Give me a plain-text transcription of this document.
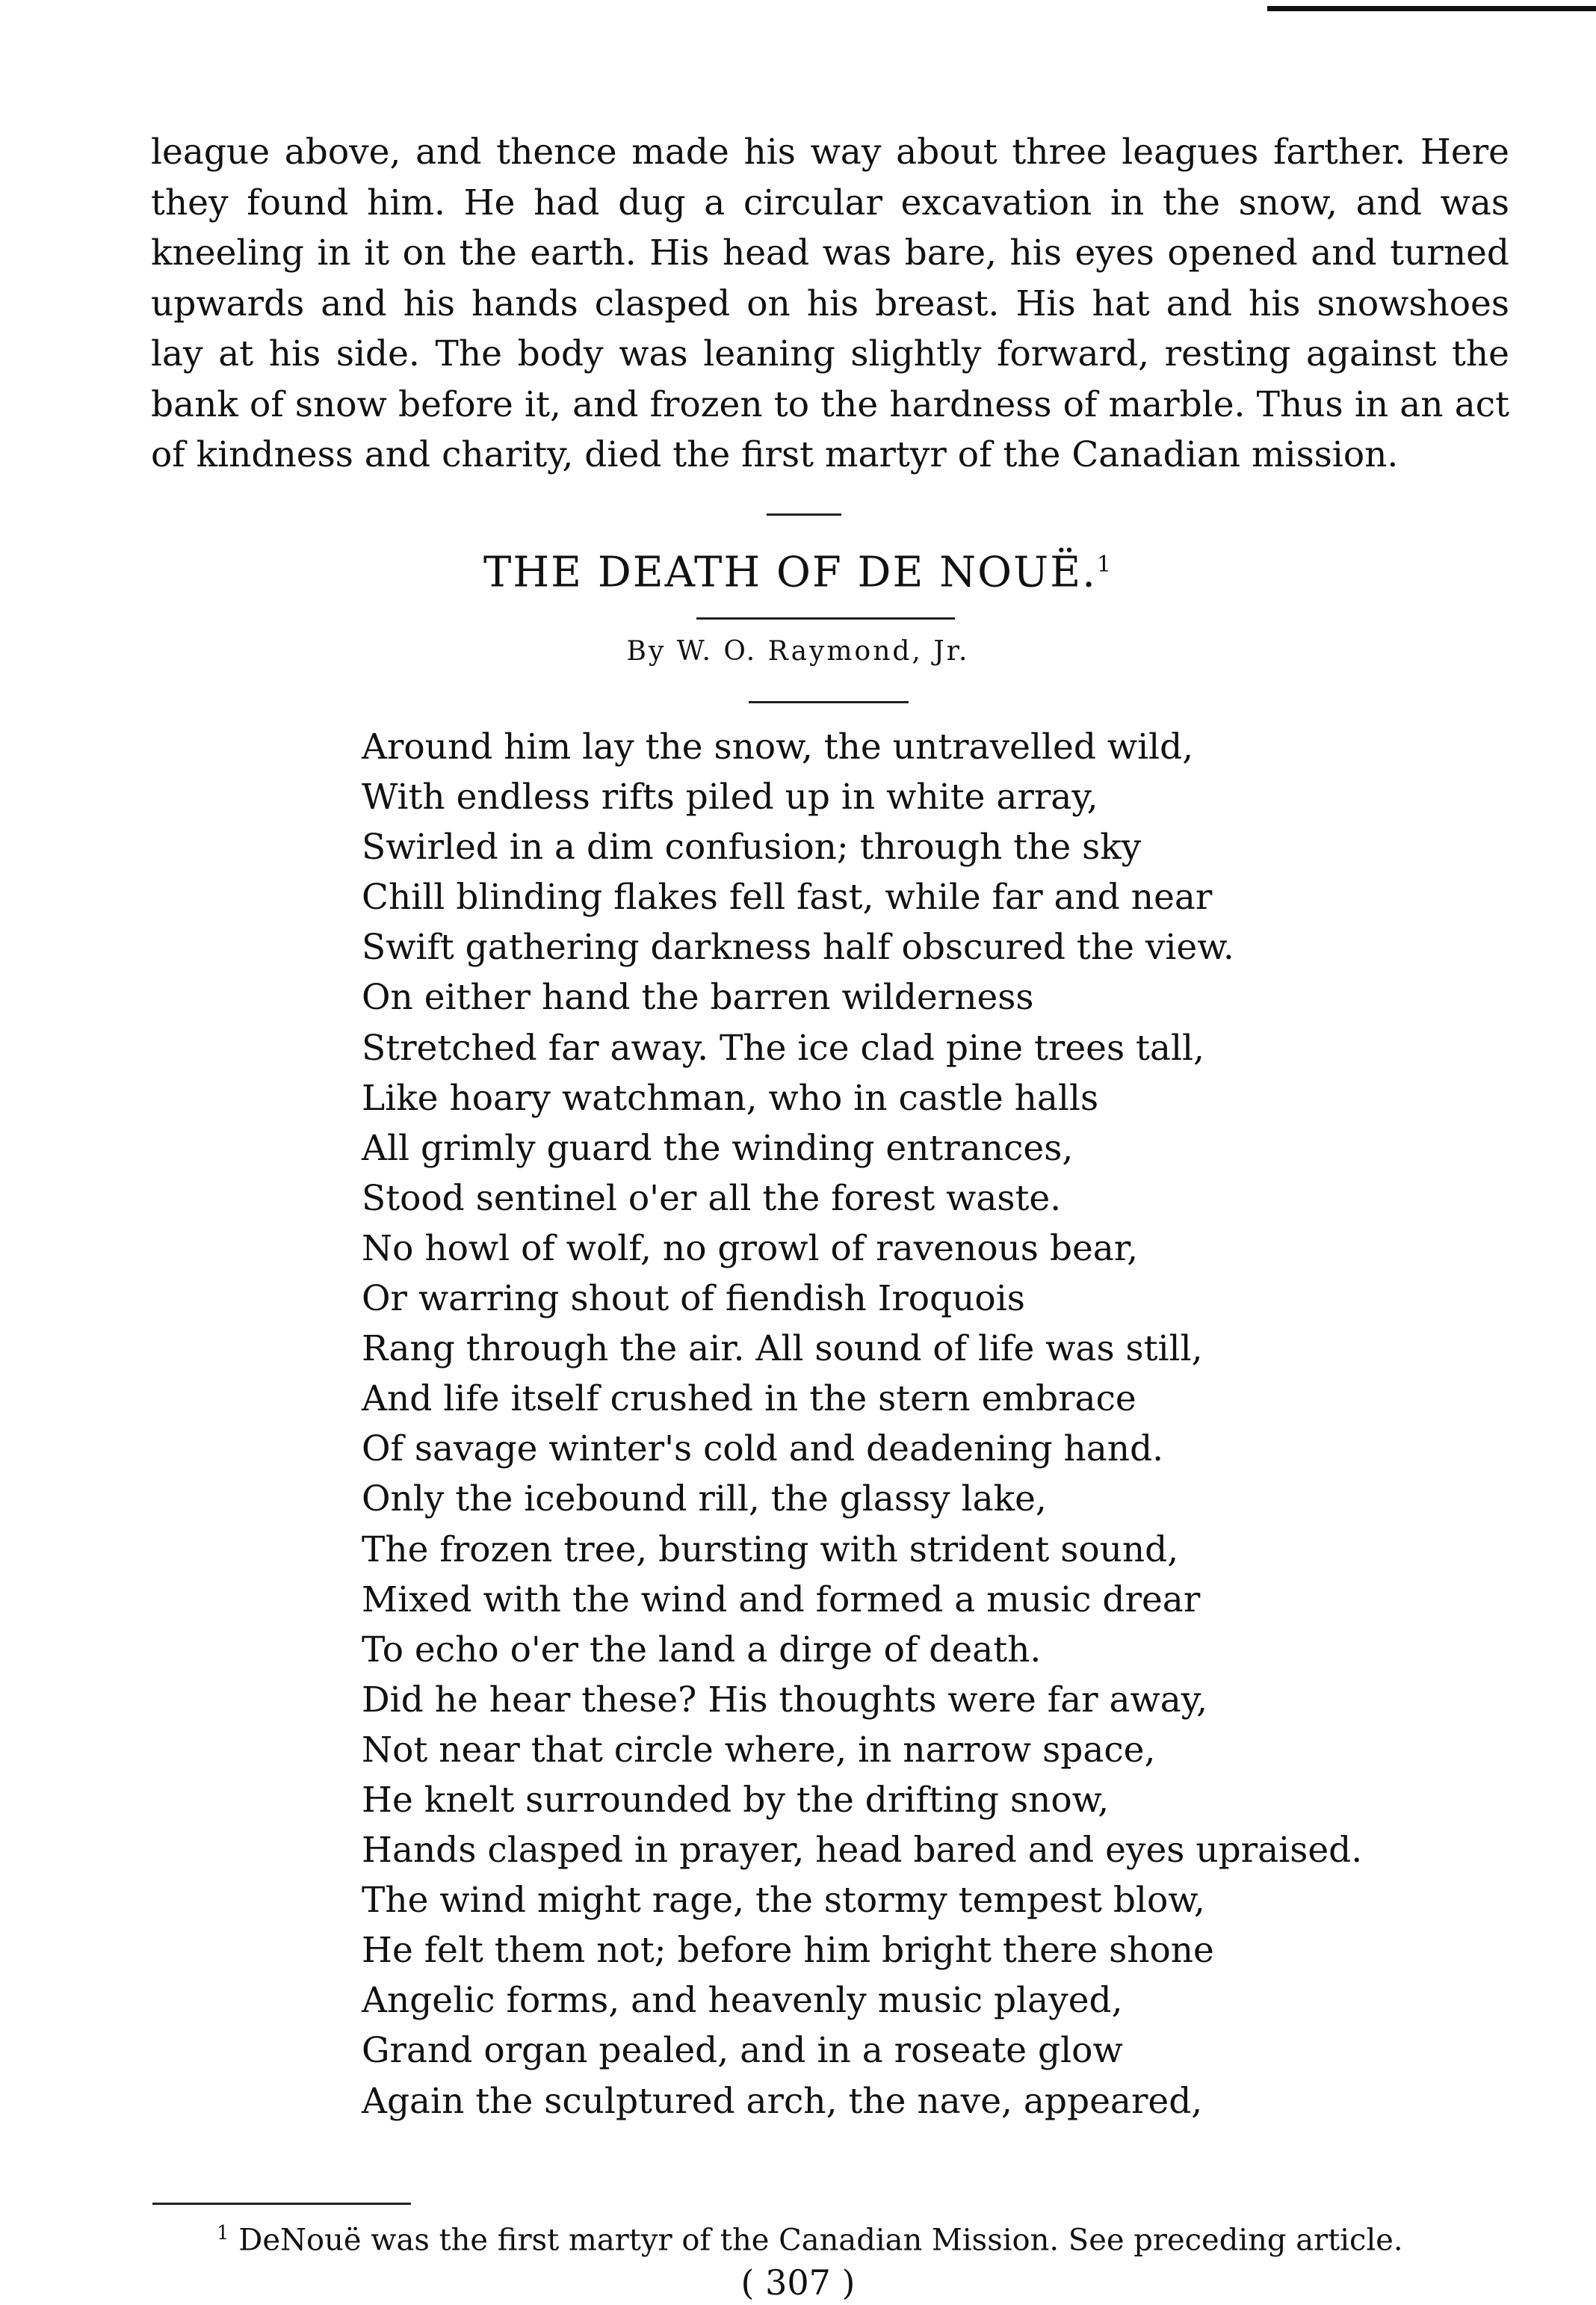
league above, and thence made his way about three leagues farther. Here they found him. He had dug a circular excavation in the snow, and was kneeling in it on the earth. His head was bare, his eyes opened and turned upwards and his hands clasped on his breast. His hat and his snowshoes lay at his side. The body was leaning slightly forward, resting against the bank of snow before it, and frozen to the hardness of marble. Thus in an act of kindness and charity, died the first martyr of the Canadian mission.

THE DEATH OF DE NOUË.$^1$
By W. O. Raymond, Jr.
Around him lay the snow, the untravelled wild,
With endless rifts piled up in white array,
Swirled in a dim confusion; through the sky
Chill blinding flakes fell fast, while far and near
Swift gathering darkness half obscured the view.
On either hand the barren wilderness
Stretched far away. The ice clad pine trees tall,
Like hoary watchman, who in castle halls
All grimly guard the winding entrances,
Stood sentinel o'er all the forest waste.
No howl of wolf, no growl of ravenous bear,
Or warring shout of fiendish Iroquois
Rang through the air. All sound of life was still,
And life itself crushed in the stern embrace
Of savage winter's cold and deadening hand.
Only the icebound rill, the glassy lake,
The frozen tree, bursting with strident sound,
Mixed with the wind and formed a music drear
To echo o'er the land a dirge of death.
Did he hear these? His thoughts were far away,
Not near that circle where, in narrow space,
He knelt surrounded by the drifting snow,
Hands clasped in prayer, head bared and eyes upraised.
The wind might rage, the stormy tempest blow,
He felt them not; before him bright there shone
Angelic forms, and heavenly music played,
Grand organ pealed, and in a roseate glow
Again the sculptured arch, the nave, appeared,
$^1$ DeNouë was the first martyr of the Canadian Mission. See preceding article.
( 307 )
